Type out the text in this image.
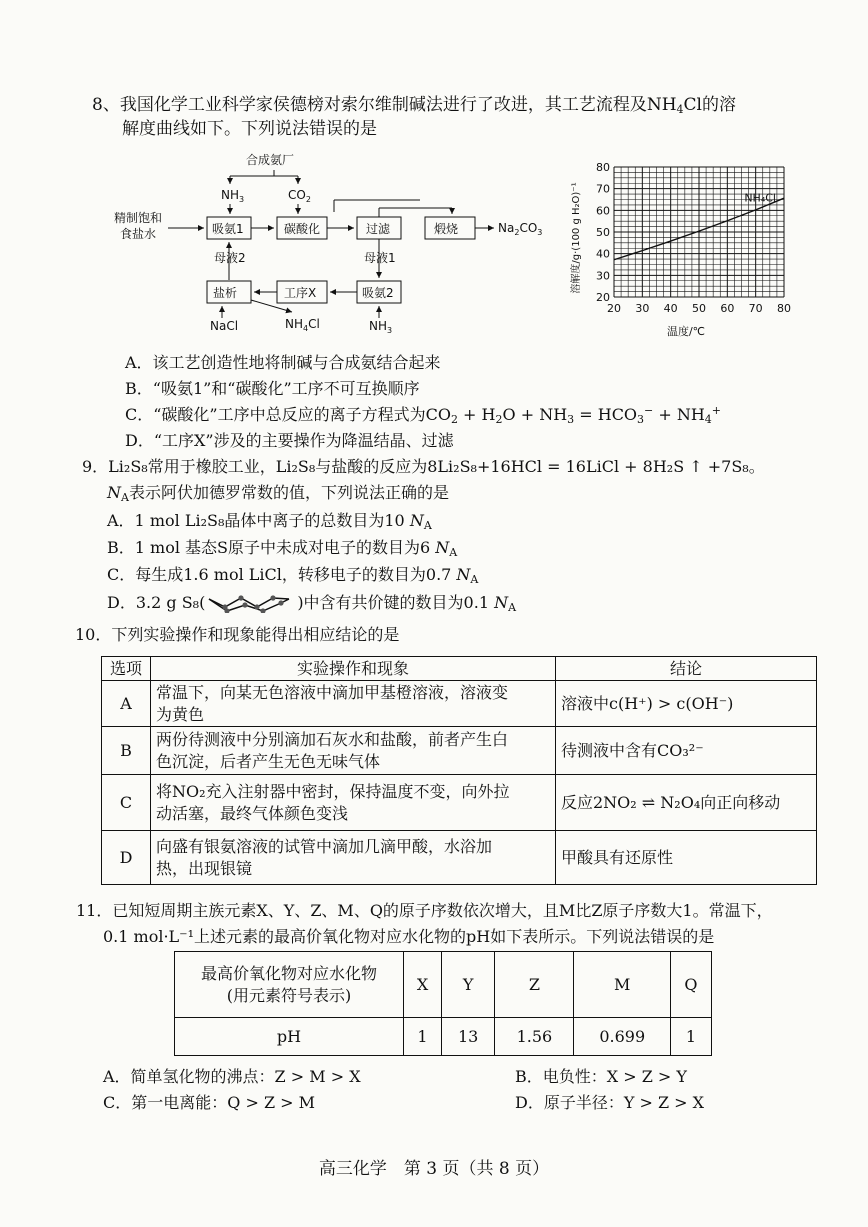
8、我国化学工业科学家侯德榜对索尔维制碱法进行了改进，其工艺流程及$NH_4Cl$的溶
解度曲线如下。下列说法错误的是
合成氨厂
$NH_3$	$CO_2$
精制饱和
食盐水	吸氨1	碳酸化	过滤	煅烧	$Na_2CO_3$
母液1
母液2
盐析	工序X	吸氨2
$NH_4Cl$
NaCl	$NH_3$
20
30
40
50
60
70
80
20 30 40 50 60 70 80
NH₄Cl
温度/℃
溶解度/g·(100 g H₂O)⁻¹
A．该工艺创造性地将制碱与合成氨结合起来
B．“吸氨1”和“碳酸化”工序不可互换顺序
C．“碳酸化”工序中总反应的离子方程式为$CO_2 + H_2O + NH_3 = HCO_3^- + NH_4^+$
D．“工序X”涉及的主要操作为降温结晶、过滤
9．Li₂S₈常用于橡胶工业，Li₂S₈与盐酸的反应为8Li₂S₈+16HCl = 16LiCl + 8H₂S ↑ +7S₈。
$N_A$表示阿伏加德罗常数的值，下列说法正确的是
A．1 mol Li₂S₈晶体中离子的总数目为10 $N_A$
B．1 mol 基态S原子中未成对电子的数目为6 $N_A$
C．每生成1.6 mol LiCl，转移电子的数目为0.7 $N_A$
D．3.2 g S₈(	)中含有共价键的数目为0.1 $N_A$
10．下列实验操作和现象能得出相应结论的是
选项	实验操作和现象	结论
A	常温下，向某无色溶液中滴加甲基橙溶液，溶液变
为黄色	溶液中c(H⁺) > c(OH⁻)
B	两份待测液中分别滴加石灰水和盐酸，前者产生白
色沉淀，后者产生无色无味气体	待测液中含有CO₃²⁻
C	将NO₂充入注射器中密封，保持温度不变，向外拉
动活塞，最终气体颜色变浅	反应2NO₂ ⇌ N₂O₄向正向移动
D	向盛有银氨溶液的试管中滴加几滴甲酸，水浴加
热，出现银镜	甲酸具有还原性
11．已知短周期主族元素X、Y、Z、M、Q的原子序数依次增大，且M比Z原子序数大1。常温下，
0.1 mol·L⁻¹上述元素的最高价氧化物对应水化物的pH如下表所示。下列说法错误的是
最高价氧化物对应水化物
(用元素符号表示)	X	Y	Z	M	Q
pH	1	13	1.56	0.699	1
A．简单氢化物的沸点：Z > M > X	B．电负性：X > Z > Y
C．第一电离能：Q > Z > M	D．原子半径：Y > Z > X
高三化学　第 3 页（共 8 页）
